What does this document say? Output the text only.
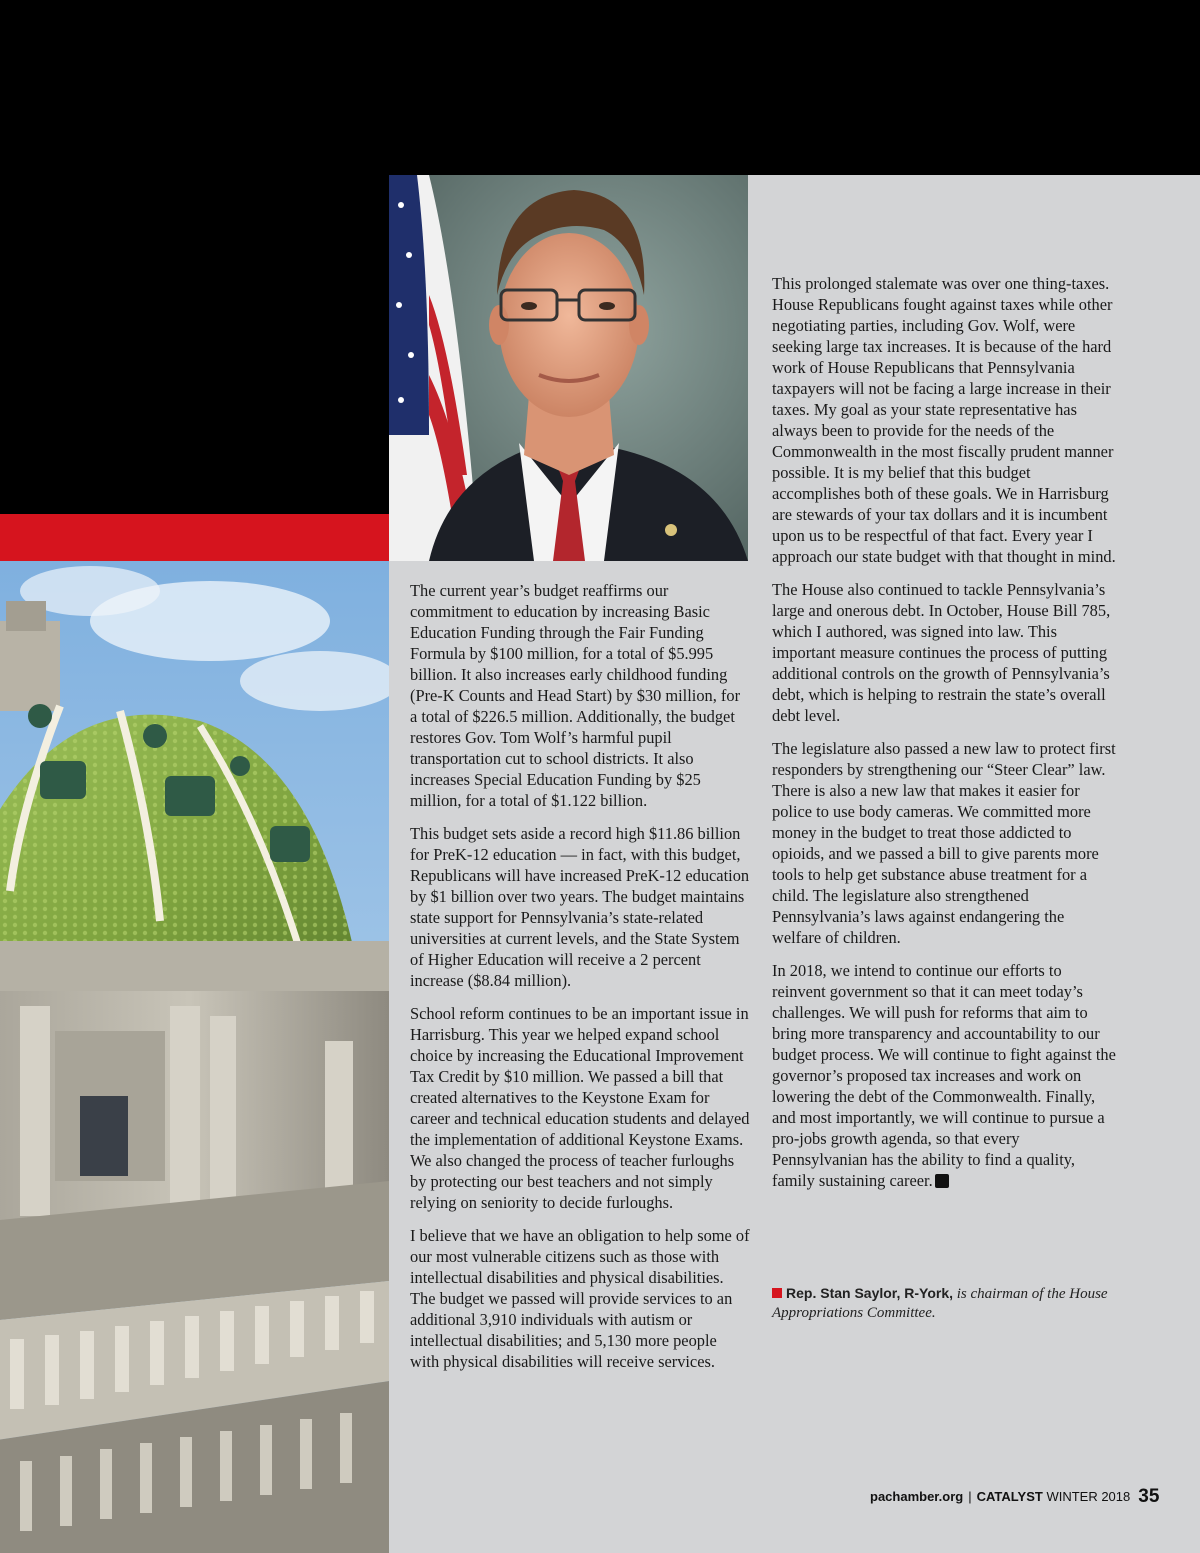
The current year’s budget reaffirms our commitment to education by increasing Basic Education Funding through the Fair Funding Formula by $100 million, for a total of $5.995 billion. It also increases early childhood funding (Pre-K Counts and Head Start) by $30 million, for a total of $226.5 million. Additionally, the budget restores Gov. Tom Wolf’s harmful pupil transportation cut to school districts. It also increases Special Education Funding by $25 million, for a total of $1.122 billion.

This budget sets aside a record high $11.86 billion for PreK-12 education — in fact, with this budget, Republicans will have increased PreK-12 education by $1 billion over two years. The budget maintains state support for Pennsylvania’s state-related universities at current levels, and the State System of Higher Education will receive a 2 percent increase ($8.84 million).

School reform continues to be an important issue in Harrisburg. This year we helped expand school choice by increasing the Educational Improvement Tax Credit by $10 million. We passed a bill that created alternatives to the Keystone Exam for career and technical education students and delayed the implementation of additional Keystone Exams. We also changed the process of teacher furloughs by protecting our best teachers and not simply relying on seniority to decide furloughs.

I believe that we have an obligation to help some of our most vulnerable citizens such as those with intellectual disabilities and physical disabilities. The budget we passed will provide services to an additional 3,910 individuals with autism or intellectual disabilities; and 5,130 more people with physical disabilities will receive services.

This prolonged stalemate was over one thing-taxes. House Republicans fought against taxes while other negotiating parties, including Gov. Wolf, were seeking large tax increases. It is because of the hard work of House Republicans that Pennsylvania taxpayers will not be facing a large increase in their taxes. My goal as your state representative has always been to provide for the needs of the Commonwealth in the most fiscally prudent manner possible. It is my belief that this budget accomplishes both of these goals. We in Harrisburg are stewards of your tax dollars and it is incumbent upon us to be respectful of that fact. Every year I approach our state budget with that thought in mind.

The House also continued to tackle Pennsylvania’s large and onerous debt. In October, House Bill 785, which I authored, was signed into law. This important measure continues the process of putting additional controls on the growth of Pennsylvania’s debt, which is helping to restrain the state’s overall debt level.

The legislature also passed a new law to protect first responders by strengthening our “Steer Clear” law. There is also a new law that makes it easier for police to use body cameras. We committed more money in the budget to treat those addicted to opioids, and we passed a bill to give parents more tools to help get substance abuse treatment for a child. The legislature also strengthened Pennsylvania’s laws against endangering the welfare of children.

In 2018, we intend to continue our efforts to reinvent government so that it can meet today’s challenges. We will push for reforms that aim to bring more transparency and accountability to our budget process. We will continue to fight against the governor’s proposed tax increases and work on lowering the debt of the Commonwealth. Finally, and most importantly, we will continue to pursue a pro-jobs growth agenda, so that every Pennsylvanian has the ability to find a quality, family sustaining career.

Rep. Stan Saylor, R-York, is chairman of the House Appropriations Committee.
pachamber.org | CATALYST WINTER 2018 35
